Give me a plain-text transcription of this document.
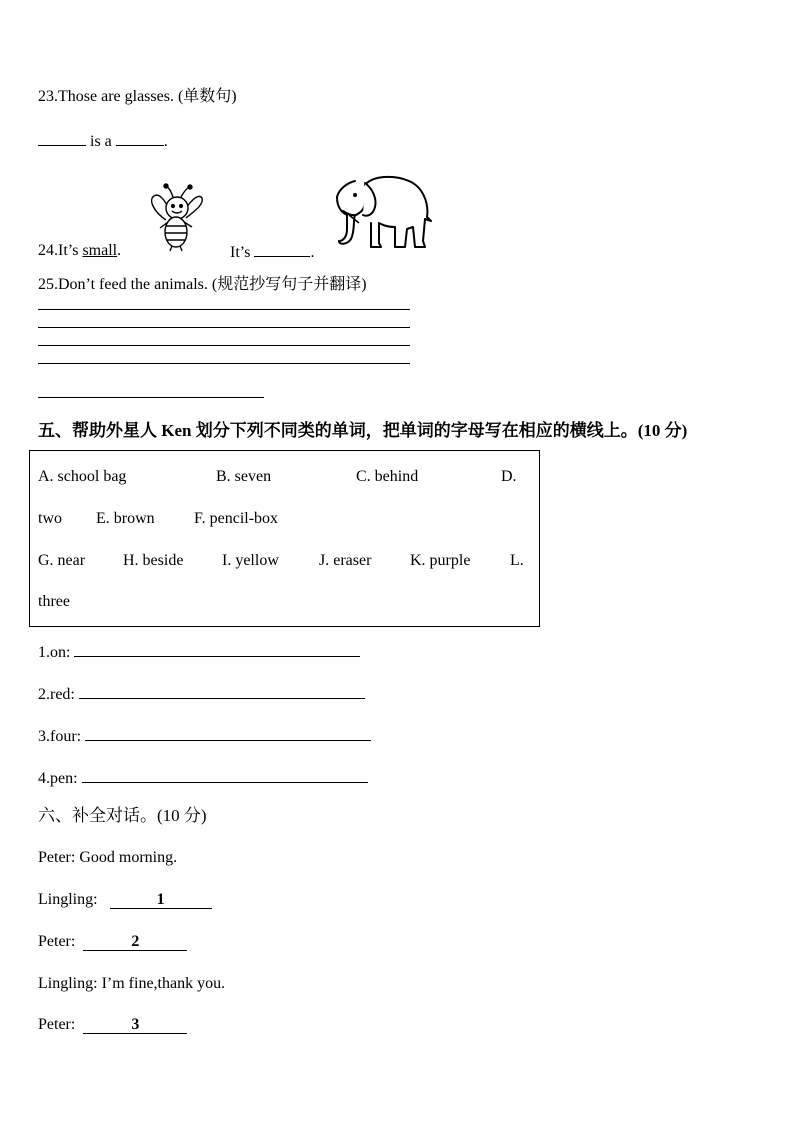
23.Those are glasses. (单数句)
is a	.
24.It’s small.	It’s	.
25.Don’t feed the animals. (规范抄写句子并翻译)
五、帮助外星人 Ken 划分下列不同类的单词，把单词的字母写在相应的横线上。(10 分)
A. school bag	B. seven	C. behind	D.
two E. brown F. pencil-box
G. near H. beside I. yellow	J. eraser K. purple L.
three
1.on:
2.red:
3.four:
4.pen:
六、补全对话。(10 分)
Peter: Good morning.
Lingling:	1
Peter:	2
Lingling: I’m fine,thank you.
Peter:	3
